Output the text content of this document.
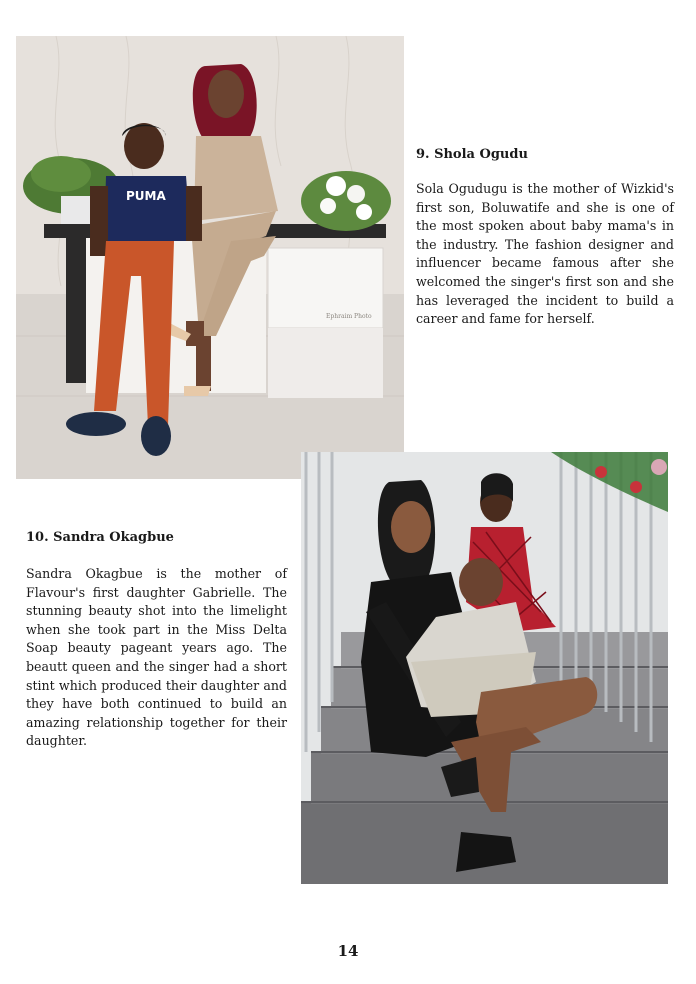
Ephraim Photo
PUMA
9. Shola Ogudu

Sola Ogudugu is the mother of Wizkid's first son, Boluwatife and she is one of the most spoken about baby mama's in the industry. The fashion designer and influencer became famous after she welcomed the singer's first son and she has leveraged the incident to build a career and fame for herself.

10. Sandra Okagbue

Sandra Okagbue is the mother of Flavour's first daughter Gabrielle. The stunning beauty shot into the limelight when she took part in the Miss Delta Soap beauty pageant years ago. The beautt queen and the singer had a short stint which produced their daughter and they have both continued to build an amazing relationship together for their daughter.

14
